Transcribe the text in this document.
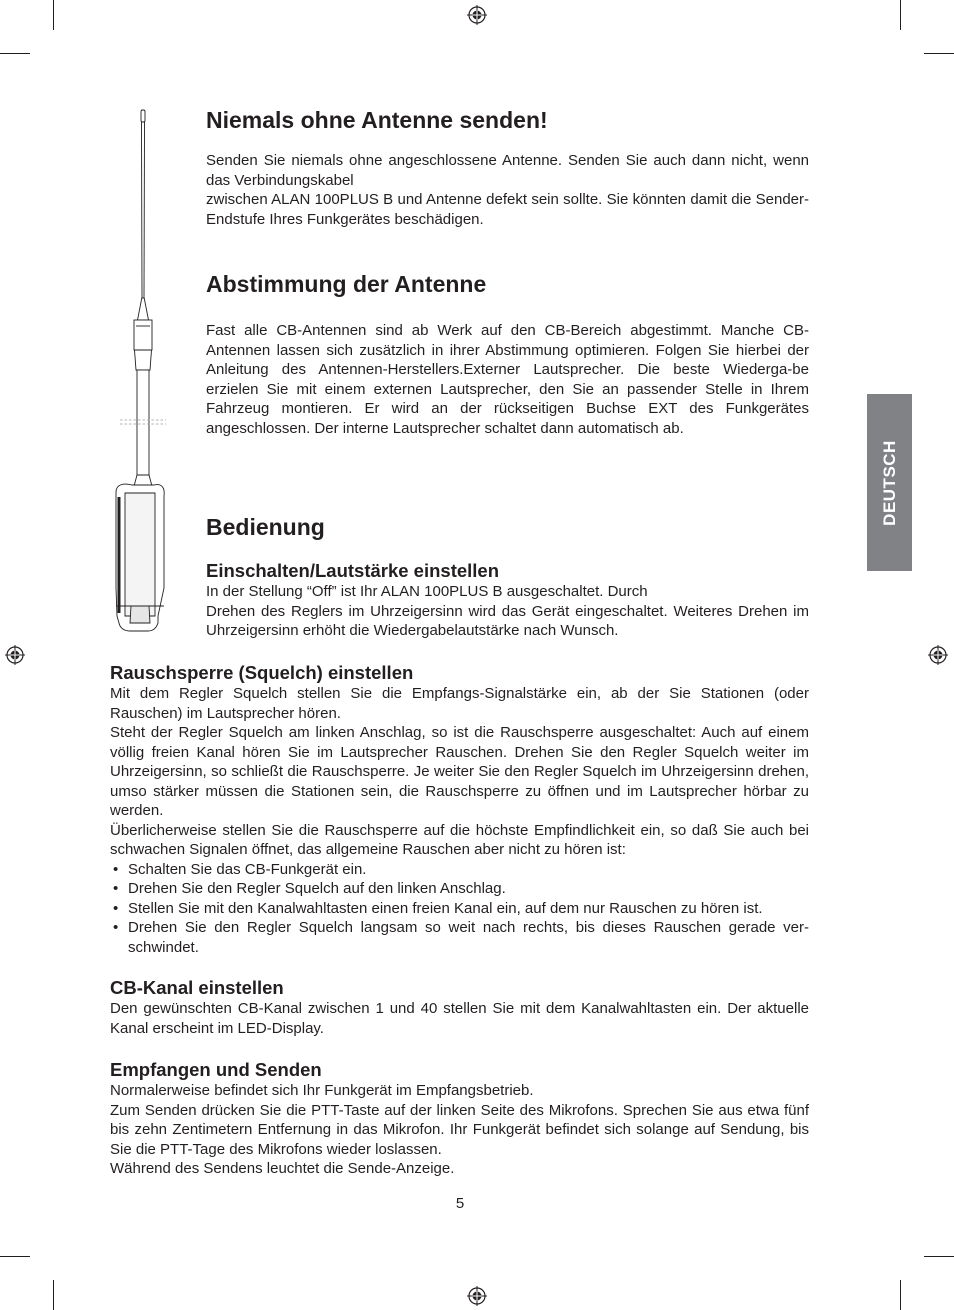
Niemals ohne Antenne senden!

Senden Sie niemals ohne angeschlossene Antenne. Senden Sie auch dann nicht, wenn das Verbindungskabel

zwischen ALAN 100PLUS B und Antenne defekt sein sollte. Sie könnten damit die Sender-Endstufe Ihres Funkgerätes beschädigen.

Abstimmung der Antenne

Fast alle CB-Antennen sind ab Werk auf den CB-Bereich abgestimmt. Manche CB-Antennen lassen sich zusätzlich in ihrer Abstimmung optimieren. Folgen Sie hierbei der Anleitung des Antennen-Herstellers.Externer Lautsprecher. Die beste Wiederga-be erzielen Sie mit einem externen Lautsprecher, den Sie an passender Stelle in Ihrem Fahrzeug montieren. Er wird an der rückseitigen Buchse EXT des Funkgerätes angeschlossen. Der interne Lautsprecher schaltet dann automatisch ab.

Bedienung
Einschalten/Lautstärke einstellen

In der Stellung “Off” ist Ihr ALAN 100PLUS B ausgeschaltet. Durch

Drehen des Reglers im Uhrzeigersinn wird das Gerät eingeschaltet. Weiteres Drehen im Uhrzeigersinn erhöht die Wiedergabelautstärke nach Wunsch.

Rauschsperre (Squelch) einstellen

Mit dem Regler Squelch stellen Sie die Empfangs-Signalstärke ein, ab der Sie Stationen (oder Rauschen) im Lautsprecher hören.

Steht der Regler Squelch am linken Anschlag, so ist die Rauschsperre ausgeschaltet: Auch auf einem völlig freien Kanal hören Sie im Lautsprecher Rauschen. Drehen Sie den Regler Squelch weiter im Uhrzeigersinn, so schließt die Rauschsperre. Je weiter Sie den Regler Squelch im Uhrzeigersinn drehen, umso stärker müssen die Stationen sein, die Rauschsperre zu öffnen und im Lautsprecher hörbar zu werden.

Überlicherweise stellen Sie die Rauschsperre auf die höchste Empfindlichkeit ein, so daß Sie auch bei schwachen Signalen öffnet, das allgemeine Rauschen aber nicht zu hören ist:

• Schalten Sie das CB-Funkgerät ein.
• Drehen Sie den Regler Squelch auf den linken Anschlag.
• Stellen Sie mit den Kanalwahltasten einen freien Kanal ein, auf dem nur Rauschen zu hören ist.
• Drehen Sie den Regler Squelch langsam so weit nach rechts, bis dieses Rauschen gerade ver-schwindet.
CB-Kanal einstellen

Den gewünschten CB-Kanal zwischen 1 und 40 stellen Sie mit dem Kanalwahltasten ein. Der aktuelle Kanal erscheint im LED-Display.

Empfangen und Senden

Normalerweise befindet sich Ihr Funkgerät im Empfangsbetrieb.

Zum Senden drücken Sie die PTT-Taste auf der linken Seite des Mikrofons. Sprechen Sie aus etwa fünf bis zehn Zentimetern Entfernung in das Mikrofon. Ihr Funkgerät befindet sich solange auf Sendung, bis Sie die PTT-Tage des Mikrofons wieder loslassen.

Während des Sendens leuchtet die Sende-Anzeige.

DEUTSCH

5
